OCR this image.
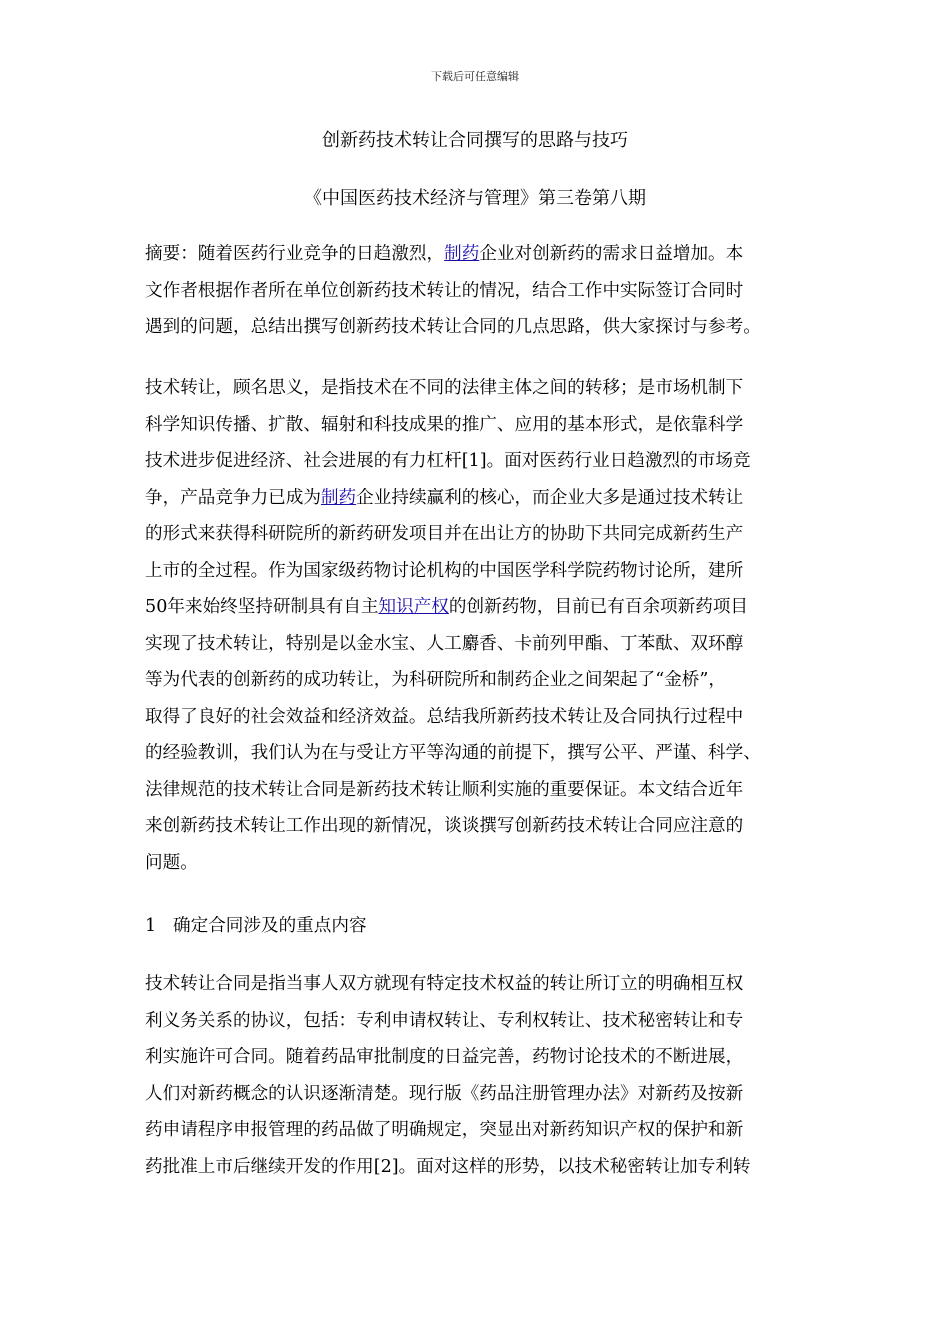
下载后可任意编辑
创新药技术转让合同撰写的思路与技巧
《中国医药技术经济与管理》第三卷第八期
摘要：随着医药行业竞争的日趋激烈，制药企业对创新药的需求日益增加。本
文作者根据作者所在单位创新药技术转让的情况，结合工作中实际签订合同时
遇到的问题，总结出撰写创新药技术转让合同的几点思路，供大家探讨与参考。
技术转让，顾名思义，是指技术在不同的法律主体之间的转移；是市场机制下
科学知识传播、扩散、辐射和科技成果的推广、应用的基本形式，是依靠科学
技术进步促进经济、社会进展的有力杠杆[1]。面对医药行业日趋激烈的市场竞
争，产品竞争力已成为制药企业持续赢利的核心，而企业大多是通过技术转让
的形式来获得科研院所的新药研发项目并在出让方的协助下共同完成新药生产
上市的全过程。作为国家级药物讨论机构的中国医学科学院药物讨论所，建所
50年来始终坚持研制具有自主知识产权的创新药物，目前已有百余项新药项目
实现了技术转让，特别是以金水宝、人工麝香、卡前列甲酯、丁苯酞、双环醇
等为代表的创新药的成功转让，为科研院所和制药企业之间架起了“金桥”，
取得了良好的社会效益和经济效益。总结我所新药技术转让及合同执行过程中
的经验教训，我们认为在与受让方平等沟通的前提下，撰写公平、严谨、科学、
法律规范的技术转让合同是新药技术转让顺利实施的重要保证。本文结合近年
来创新药技术转让工作出现的新情况，谈谈撰写创新药技术转让合同应注意的
问题。
1 确定合同涉及的重点内容
技术转让合同是指当事人双方就现有特定技术权益的转让所订立的明确相互权
利义务关系的协议，包括：专利申请权转让、专利权转让、技术秘密转让和专
利实施许可合同。随着药品审批制度的日益完善，药物讨论技术的不断进展，
人们对新药概念的认识逐渐清楚。现行版《药品注册管理办法》对新药及按新
药申请程序申报管理的药品做了明确规定，突显出对新药知识产权的保护和新
药批准上市后继续开发的作用[2]。面对这样的形势，以技术秘密转让加专利转
